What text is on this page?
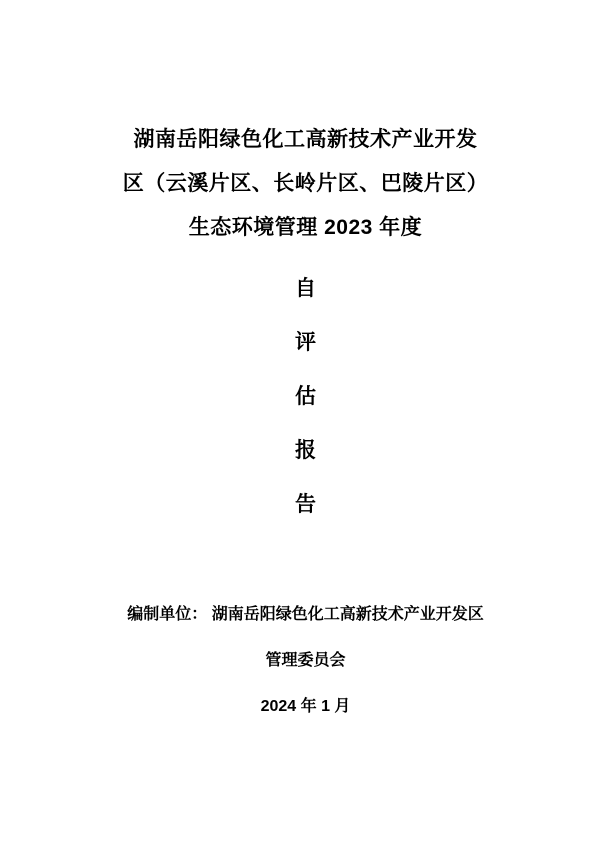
湖南岳阳绿色化工高新技术产业开发
区（云溪片区、长岭片区、巴陵片区）
生态环境管理 2023 年度
自
评
估
报
告
编制单位： 湖南岳阳绿色化工高新技术产业开发区
管理委员会
2024 年 1 月
